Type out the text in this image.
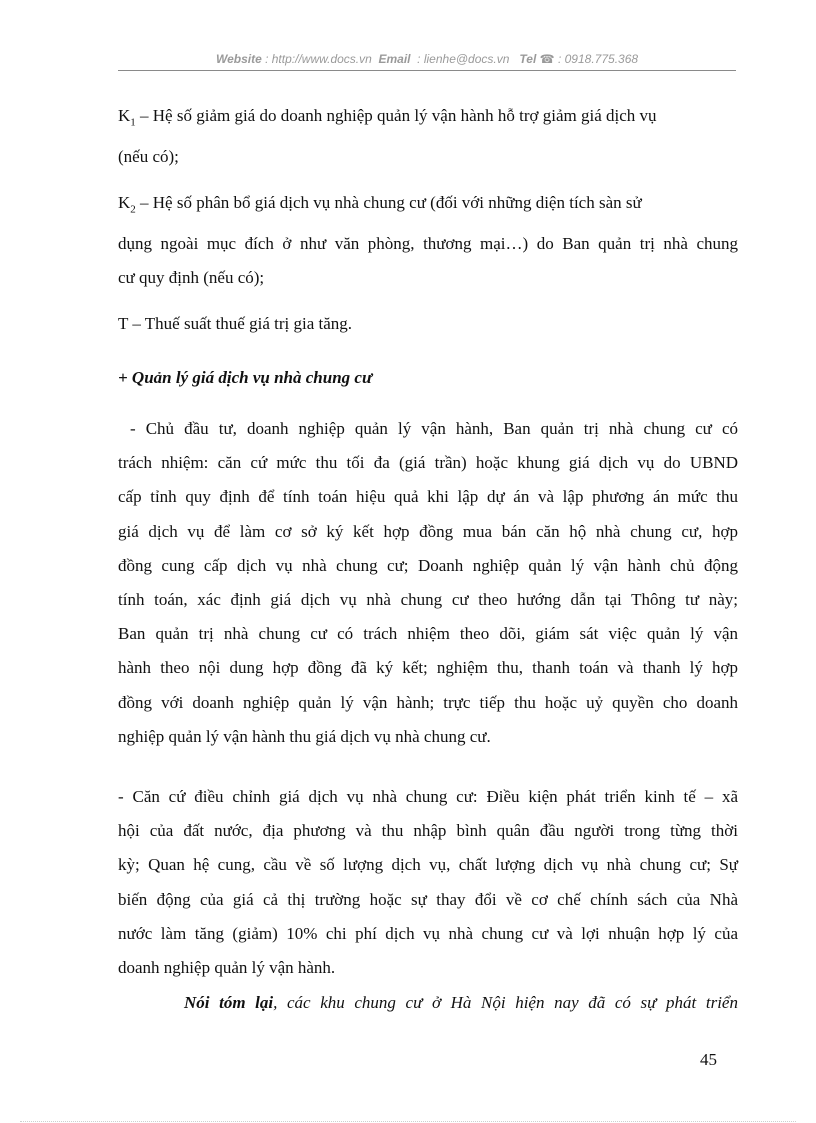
Website : http://www.docs.vn Email : lienhe@docs.vn Tel ☎ : 0918.775.368
$K_1$ – Hệ số giảm giá do doanh nghiệp quản lý vận hành hỗ trợ giảm giá dịch vụ
(nếu có);
$K_2$ – Hệ số phân bổ giá dịch vụ nhà chung cư (đối với những diện tích sàn sử
dụng ngoài mục đích ở như văn phòng, thương mại…) do Ban quản trị nhà chung
cư quy định (nếu có);
T – Thuế suất thuế giá trị gia tăng.
+ Quản lý giá dịch vụ nhà chung cư
- Chủ đầu tư, doanh nghiệp quản lý vận hành, Ban quản trị nhà chung cư có
trách nhiệm: căn cứ mức thu tối đa (giá trần) hoặc khung giá dịch vụ do UBND
cấp tỉnh quy định để tính toán hiệu quả khi lập dự án và lập phương án mức thu
giá dịch vụ để làm cơ sở ký kết hợp đồng mua bán căn hộ nhà chung cư, hợp
đồng cung cấp dịch vụ nhà chung cư; Doanh nghiệp quản lý vận hành chủ động
tính toán, xác định giá dịch vụ nhà chung cư theo hướng dẫn tại Thông tư này;
Ban quản trị nhà chung cư có trách nhiệm theo dõi, giám sát việc quản lý vận
hành theo nội dung hợp đồng đã ký kết; nghiệm thu, thanh toán và thanh lý hợp
đồng với doanh nghiệp quản lý vận hành; trực tiếp thu hoặc uỷ quyền cho doanh
nghiệp quản lý vận hành thu giá dịch vụ nhà chung cư.
- Căn cứ điều chỉnh giá dịch vụ nhà chung cư: Điều kiện phát triển kinh tế – xã
hội của đất nước, địa phương và thu nhập bình quân đầu người trong từng thời
kỳ; Quan hệ cung, cầu về số lượng dịch vụ, chất lượng dịch vụ nhà chung cư; Sự
biến động của giá cả thị trường hoặc sự thay đổi về cơ chế chính sách của Nhà
nước làm tăng (giảm) 10% chi phí dịch vụ nhà chung cư và lợi nhuận hợp lý của
doanh nghiệp quản lý vận hành.
Nói tóm lại, các khu chung cư ở Hà Nội hiện nay đã có sự phát triển
45
